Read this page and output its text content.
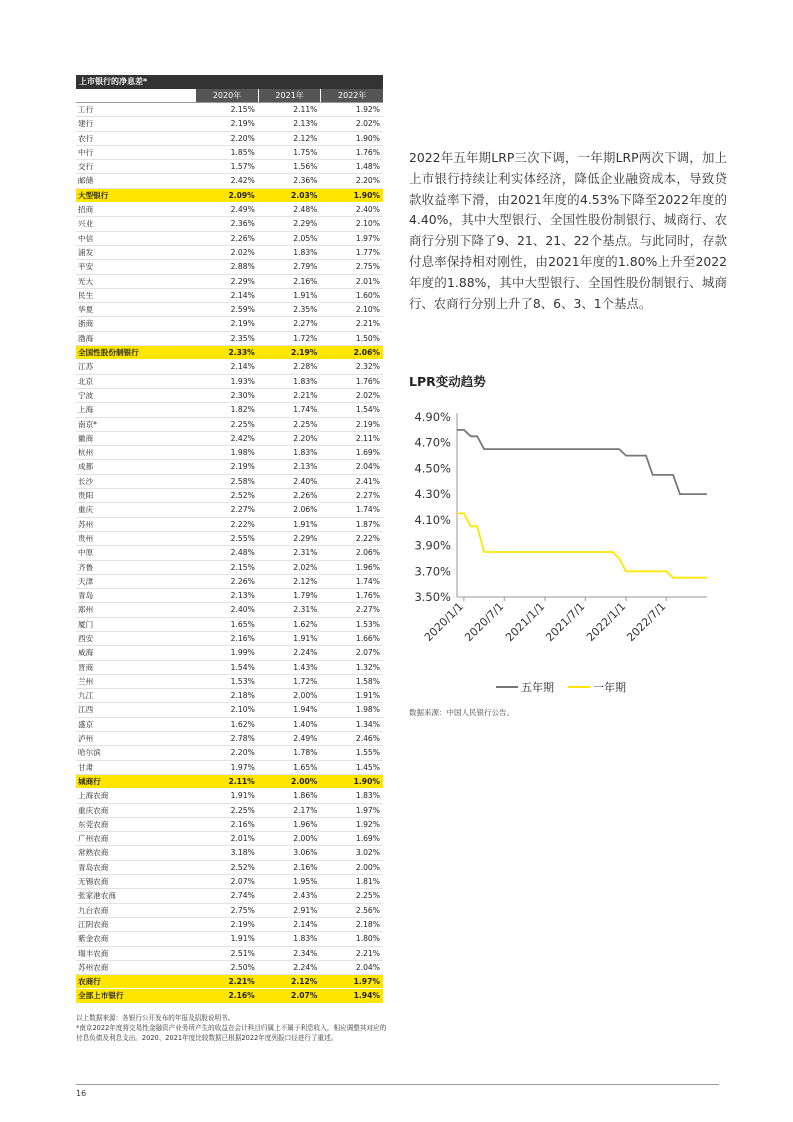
上市银行的净息差*
2020年	2021年	2022年
工行	2.15%	2.11%	1.92%
建行	2.19%	2.13%	2.02%
农行	2.20%	2.12%	1.90%
中行	1.85%	1.75%	1.76%
交行	1.57%	1.56%	1.48%
邮储	2.42%	2.36%	2.20%
大型银行	2.09%	2.03%	1.90%
招商	2.49%	2.48%	2.40%
兴业	2.36%	2.29%	2.10%
中信	2.26%	2.05%	1.97%
浦发	2.02%	1.83%	1.77%
平安	2.88%	2.79%	2.75%
光大	2.29%	2.16%	2.01%
民生	2.14%	1.91%	1.60%
华夏	2.59%	2.35%	2.10%
浙商	2.19%	2.27%	2.21%
渤海	2.35%	1.72%	1.50%
全国性股份制银行	2.33%	2.19%	2.06%
江苏	2.14%	2.28%	2.32%
北京	1.93%	1.83%	1.76%
宁波	2.30%	2.21%	2.02%
上海	1.82%	1.74%	1.54%
南京*	2.25%	2.25%	2.19%
徽商	2.42%	2.20%	2.11%
杭州	1.98%	1.83%	1.69%
成都	2.19%	2.13%	2.04%
长沙	2.58%	2.40%	2.41%
贵阳	2.52%	2.26%	2.27%
重庆	2.27%	2.06%	1.74%
苏州	2.22%	1.91%	1.87%
贵州	2.55%	2.29%	2.22%
中原	2.48%	2.31%	2.06%
齐鲁	2.15%	2.02%	1.96%
天津	2.26%	2.12%	1.74%
青岛	2.13%	1.79%	1.76%
郑州	2.40%	2.31%	2.27%
厦门	1.65%	1.62%	1.53%
西安	2.16%	1.91%	1.66%
威海	1.99%	2.24%	2.07%
晋商	1.54%	1.43%	1.32%
兰州	1.53%	1.72%	1.58%
九江	2.18%	2.00%	1.91%
江西	2.10%	1.94%	1.98%
盛京	1.62%	1.40%	1.34%
泸州	2.78%	2.49%	2.46%
哈尔滨	2.20%	1.78%	1.55%
甘肃	1.97%	1.65%	1.45%
城商行	2.11%	2.00%	1.90%
上海农商	1.91%	1.86%	1.83%
重庆农商	2.25%	2.17%	1.97%
东莞农商	2.16%	1.96%	1.92%
广州农商	2.01%	2.00%	1.69%
常熟农商	3.18%	3.06%	3.02%
青岛农商	2.52%	2.16%	2.00%
无锡农商	2.07%	1.95%	1.81%
张家港农商	2.74%	2.43%	2.25%
九台农商	2.75%	2.91%	2.56%
江阴农商	2.19%	2.14%	2.18%
紫金农商	1.91%	1.83%	1.80%
瑞丰农商	2.51%	2.34%	2.21%
苏州农商	2.50%	2.24%	2.04%
农商行	2.21%	2.12%	1.97%
全部上市银行	2.16%	2.07%	1.94%
以上数据来源：各银行公开发布的年报及招股说明书。
*南京2022年度将交易性金融资产业务所产生的收益在会计科目归属上不属于利息收入，相应调整其对应的付息负债及利息支出。2020、2021年度比较数据已根据2022年度列报口径进行了重述。
2022年五年期LRP三次下调，一年期LRP两次下调，加上上市银行持续让利实体经济，降低企业融资成本，导致贷款收益率下滑，由2021年度的4.53%下降至2022年度的4.40%，其中大型银行、全国性股份制银行、城商行、农商行分别下降了9、21、21、22个基点。与此同时，存款付息率保持相对刚性，由2021年度的1.80%上升至2022年度的1.88%，其中大型银行、全国性股份制银行、城商行、农商行分别上升了8、6、3、1个基点。
LPR变动趋势
4.90%
4.70%
4.50%
4.30%
4.10%
3.90%
3.70%
3.50%
2020/1/1
2020/7/1
2021/1/1
2021/7/1
2022/1/1
2022/7/1
五年期	一年期
数据来源：中国人民银行公告。
16
